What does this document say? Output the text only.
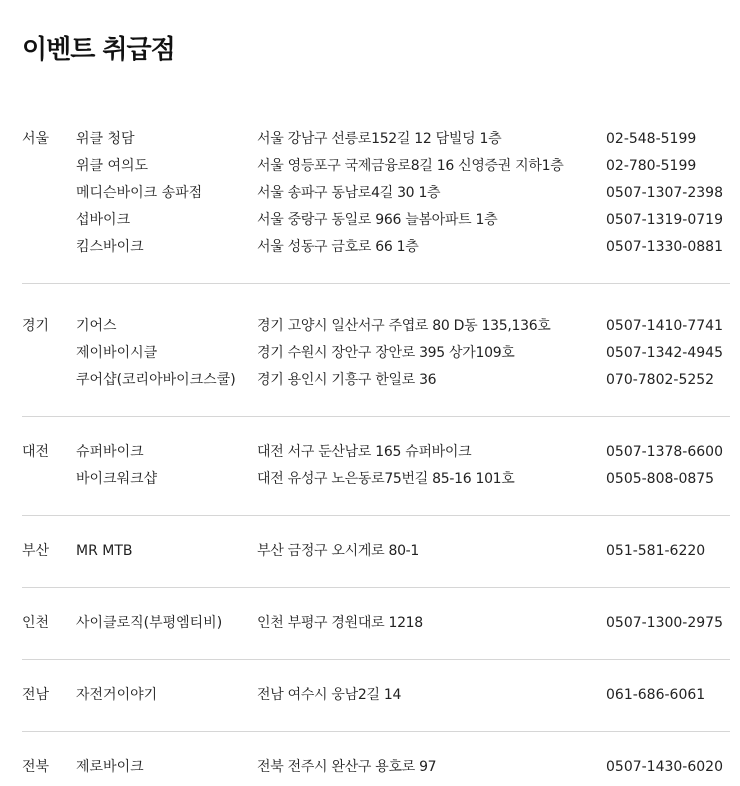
이벤트 취급점
서울 위클 청담	서울 강남구 선릉로152길 12 담빌딩 1층	02-548-5199
위클 여의도	서울 영등포구 국제금융로8길 16 신영증권 지하1층	02-780-5199
메디슨바이크 송파점	서울 송파구 동남로4길 30 1층	0507-1307-2398
섭바이크	서울 중랑구 동일로 966 늘봄아파트 1층	0507-1319-0719
킴스바이크	서울 성동구 금호로 66 1층	0507-1330-0881
경기 기어스	경기 고양시 일산서구 주엽로 80 D동 135,136호	0507-1410-7741
제이바이시클	경기 수원시 장안구 장안로 395 상가109호	0507-1342-4945
쿠어샵(코리아바이크스쿨) 경기 용인시 기흥구 한일로 36	070-7802-5252
대전 슈퍼바이크	대전 서구 둔산남로 165 슈퍼바이크	0507-1378-6600
바이크워크샵	대전 유성구 노은동로75번길 85-16 101호	0505-808-0875
부산 MR MTB	부산 금정구 오시게로 80-1	051-581-6220
인천 사이클로직(부평엠티비) 인천 부평구 경원대로 1218	0507-1300-2975
전남 자전거이야기	전남 여수시 웅남2길 14	061-686-6061
전북 제로바이크	전북 전주시 완산구 용호로 97	0507-1430-6020
